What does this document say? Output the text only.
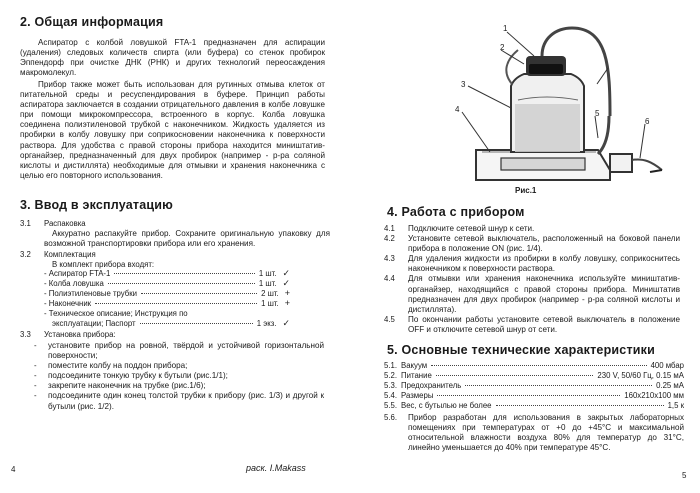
2. Общая информация
Аспиратор с колбой ловушкой FTA-1 предназначен для аспирации (удаления) следовых количеств спирта (или буфера) со стенок пробирок Эппендорф при очистке ДНК (РНК) и других технологий переосаждения макромолекул.
Прибор также может быть использован для рутинных отмыва клеток от питательной среды и ресуспендирования в буфере. Принцип работы аспиратора заключается в создании отрицательного давления в колбе ловушке при помощи микрокомпрессора, встроенного в корпус. Колба ловушка соединена полиэтиленовой трубкой с наконечником. Жидкость удаляется из пробирки в колбу ловушку при соприкосновении наконечника к поверхности раствора. Для удобства с правой стороны прибора находится миништатив-органайзер, предназначенный для двух пробирок (например - р-ра соляной кислоты и дистиллята) необходимые для отмывки и хранения наконечника с целью его повторного использования.
3. Ввод в эксплуатацию
3.1	Распаковка
Аккуратно распакуйте прибор. Сохраните оригинальную упаковку для возможной транспортировки прибора или его хранения.
3.2	Комплектация
В комплект прибора входят:
- Аспиратор FTA-1	1 шт. ✓
- Колба ловушка	1 шт. ✓
- Полиэтиленовые трубки	2 шт. +
- Наконечник	1 шт. +
- Техническое описание; Инструкция по
эксплуатации; Паспорт	1 экз. ✓
3.3	Установка прибора:
-	установите прибор на ровной, твёрдой и устойчивой горизонтальной поверхности;
-	поместите колбу на поддон прибора;
-	подсоедините тонкую трубку к бутыли (рис.1/1);
-	закрепите наконечник на трубке (рис.1/6);
-	подсоедините один конец толстой трубки к прибору (рис. 1/3) и другой к бутыли (рис. 1/2).
4	раск. I.Makass
1
2
3
4	5
6
Рис.1
4. Работа с прибором
4.1	Подключите сетевой шнур к сети.
4.2	Установите сетевой выключатель, расположенный на боковой панели прибора в положение ON (рис. 1/4).
4.3	Для удаления жидкости из пробирки в колбу ловушку, соприкоснитесь наконечником к поверхности раствора.
4.4	Для отмывки или хранения наконечника используйте миништатив-органайзер, находящийся с правой стороны прибора. Миништатив предназначен для двух пробирок (например - р-ра соляной кислоты и дистиллята).
4.5	По окончании работы установите сетевой выключатель в положение OFF и отключите сетевой шнур от сети.
5. Основные технические характеристики
5.1. Вакуум	400 мбар
5.2. Питание	230 V, 50/60 Гц, 0.15 мА
5.3. Предохранитель	0.25 мА
5.4. Размеры	160x210x100 мм
5.5. Вес, с бутылью не более	1,5 к
5.6.	Прибор разработан для использования в закрытых лабораторных помещениях при температурах от +0 до +45°С и максимальной относительной влажности воздуха 80% для температур до 31°С, линейно уменьшается до 40% при температуре 45°С.
5
